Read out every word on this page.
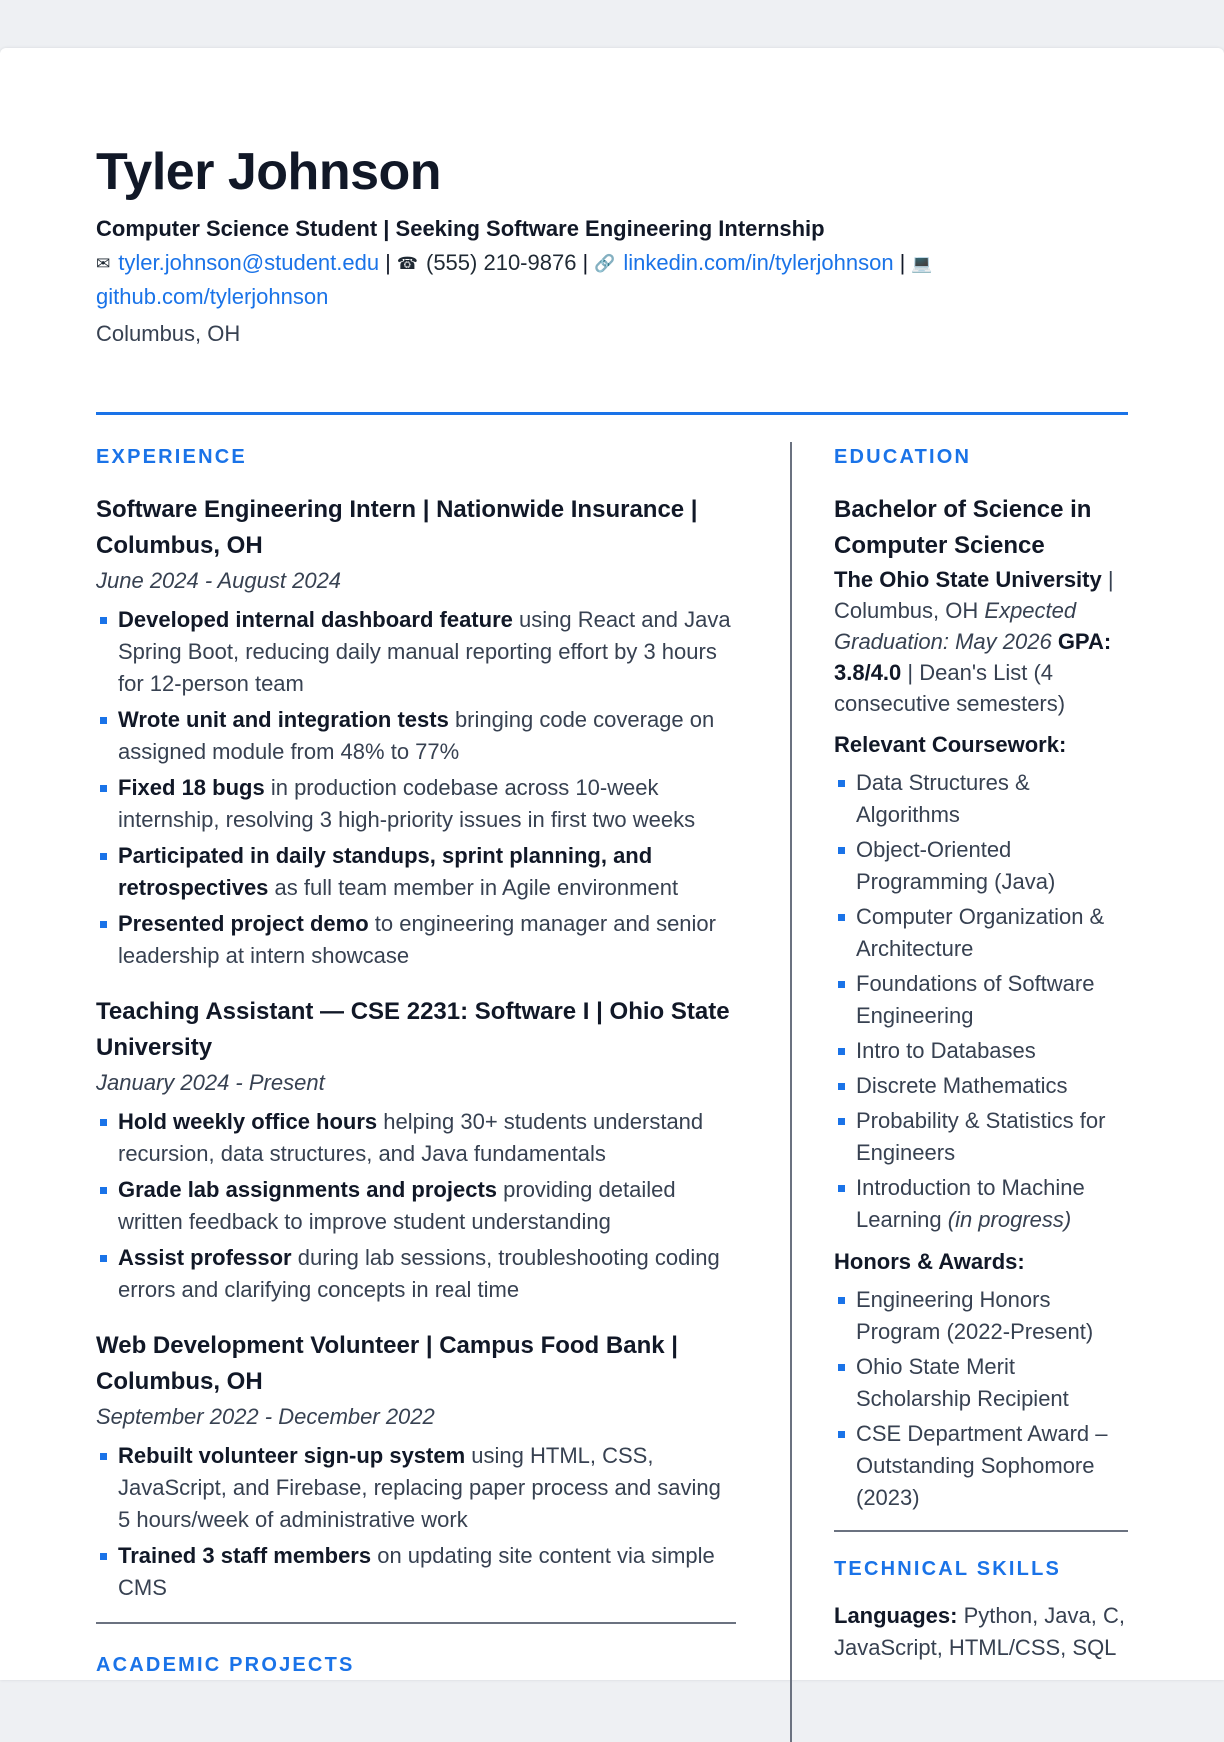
Tyler Johnson
Computer Science Student | Seeking Software Engineering Internship
✉ tyler.johnson@student.edu | ☎ (555) 210-9876 | 🔗 linkedin.com/in/tylerjohnson | 💻
github.com/tylerjohnson
Columbus, OH
EXPERIENCE
Software Engineering Intern | Nationwide Insurance | Columbus, OH
June 2024 - August 2024
Developed internal dashboard feature using React and Java Spring Boot, reducing daily manual reporting effort by 3 hours for 12-person team
Wrote unit and integration tests bringing code coverage on assigned module from 48% to 77%
Fixed 18 bugs in production codebase across 10-week internship, resolving 3 high-priority issues in first two weeks
Participated in daily standups, sprint planning, and retrospectives as full team member in Agile environment
Presented project demo to engineering manager and senior leadership at intern showcase
Teaching Assistant — CSE 2231: Software I | Ohio State University
January 2024 - Present
Hold weekly office hours helping 30+ students understand recursion, data structures, and Java fundamentals
Grade lab assignments and projects providing detailed written feedback to improve student understanding
Assist professor during lab sessions, troubleshooting coding errors and clarifying concepts in real time
Web Development Volunteer | Campus Food Bank | Columbus, OH
September 2022 - December 2022
Rebuilt volunteer sign-up system using HTML, CSS, JavaScript, and Firebase, replacing paper process and saving 5 hours/week of administrative work
Trained 3 staff members on updating site content via simple CMS
ACADEMIC PROJECTS
EDUCATION
Bachelor of Science in Computer Science
The Ohio State University | Columbus, OH Expected Graduation: May 2026 GPA: 3.8/4.0 | Dean's List (4 consecutive semesters)
Relevant Coursework:
Data Structures & Algorithms
Object-Oriented Programming (Java)
Computer Organization & Architecture
Foundations of Software Engineering
Intro to Databases
Discrete Mathematics
Probability & Statistics for Engineers
Introduction to Machine Learning (in progress)
Honors & Awards:
Engineering Honors Program (2022-Present)
Ohio State Merit Scholarship Recipient
CSE Department Award – Outstanding Sophomore (2023)
TECHNICAL SKILLS
Languages: Python, Java, C, JavaScript, HTML/CSS, SQL
